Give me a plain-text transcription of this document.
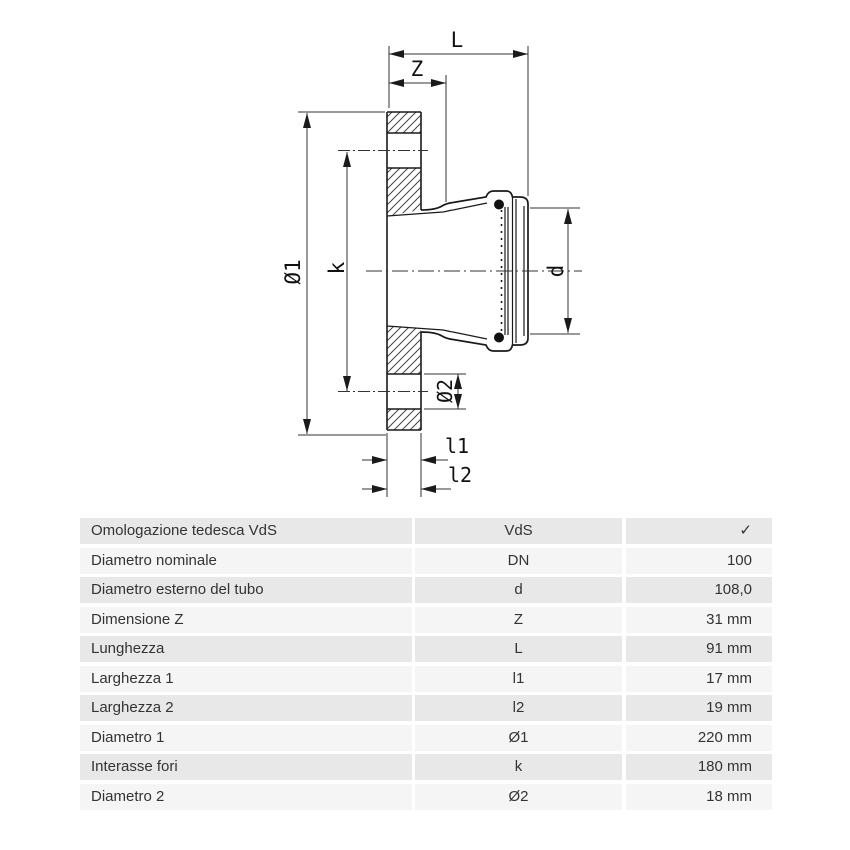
L
Z
Ø1 k	d
Ø2
l1
l2
Omologazione tedesca VdS	VdS	✓
Diametro nominale	DN	100
Diametro esterno del tubo	d	108,0
Dimensione Z	Z	31 mm
Lunghezza	L	91 mm
Larghezza 1	l1	17 mm
Larghezza 2	l2	19 mm
Diametro 1	Ø1	220 mm
Interasse fori	k	180 mm
Diametro 2	Ø2	18 mm
